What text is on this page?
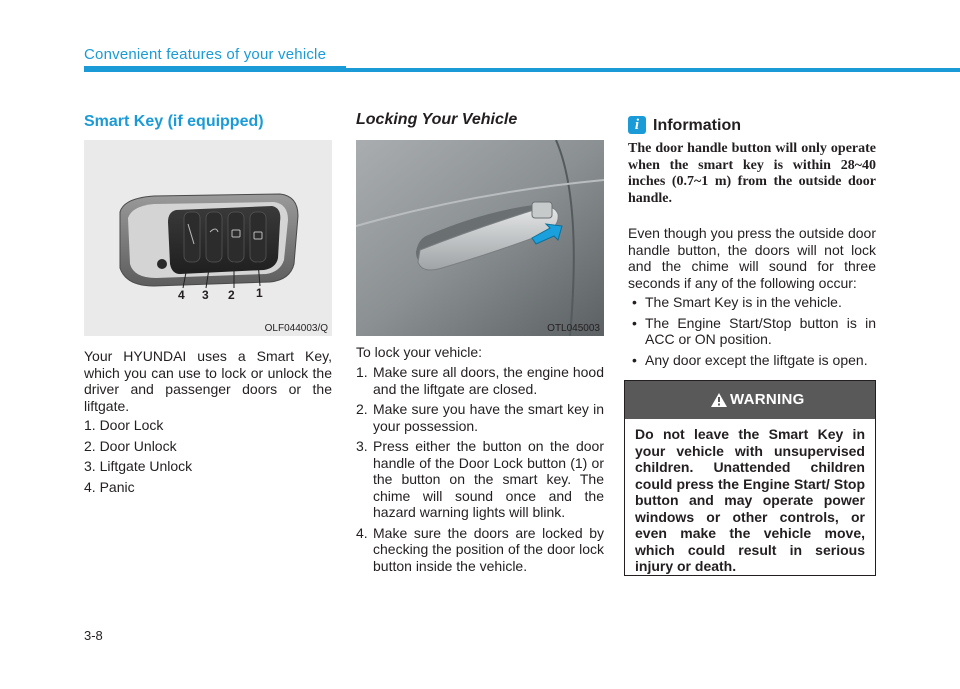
Convenient features of your vehicle
Smart Key (if equipped)
4 3 2 1
OLF044003/Q
Your HYUNDAI uses a Smart Key, which you can use to lock or unlock the driver and passenger doors or the liftgate.
1. Door Lock
2. Door Unlock
3. Liftgate Unlock
4. Panic
Locking Your Vehicle
OTL045003
To lock your vehicle:
1. Make sure all doors, the engine hood and the liftgate are closed.
2. Make sure you have the smart key in your possession.
3. Press either the button on the door handle of the Door Lock button (1) or the button on the smart key. The chime will sound once and the hazard warning lights will blink.
4. Make sure the doors are locked by checking the position of the door lock button inside the vehicle.
i Information
The door handle button will only operate when the smart key is within 28~40 inches (0.7~1 m) from the outside door handle.
Even though you press the outside door handle button, the doors will not lock and the chime will sound for three seconds if any of the following occur:
• The Smart Key is in the vehicle.
• The Engine Start/Stop button is in ACC or ON position.
• Any door except the liftgate is open.
WARNING
Do not leave the Smart Key in your vehicle with unsupervised children. Unattended children could press the Engine Start/ Stop button and may operate power windows or other controls, or even make the vehicle move, which could result in serious injury or death.
3-8
